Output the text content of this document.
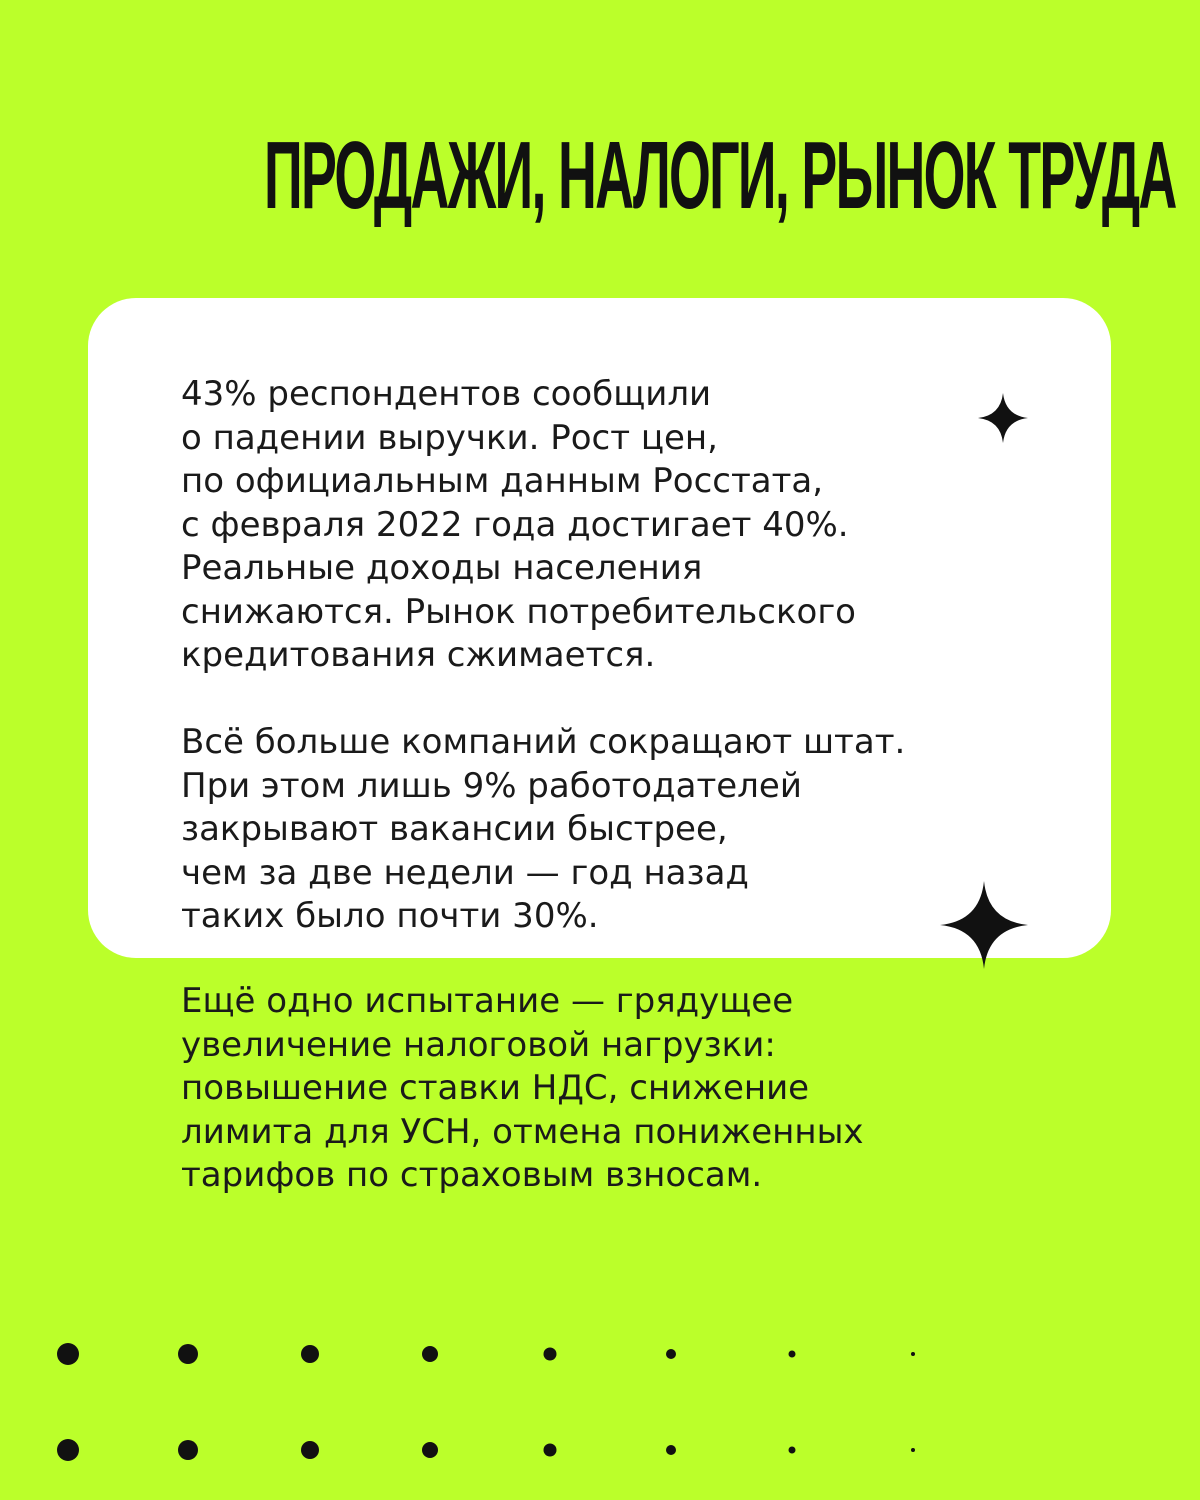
ПРОДАЖИ, НАЛОГИ, РЫНОК ТРУДА

43% респондентов сообщили
о падении выручки. Рост цен,
по официальным данным Росстата,
с февраля 2022 года достигает 40%.
Реальные доходы населения
снижаются. Рынок потребительского
кредитования сжимается.

Всё больше компаний сокращают штат.
При этом лишь 9% работодателей
закрывают вакансии быстрее,
чем за две недели — год назад
таких было почти 30%.

Ещё одно испытание — грядущее
увеличение налоговой нагрузки:
повышение ставки НДС, снижение
лимита для УСН, отмена пониженных
тарифов по страховым взносам.
